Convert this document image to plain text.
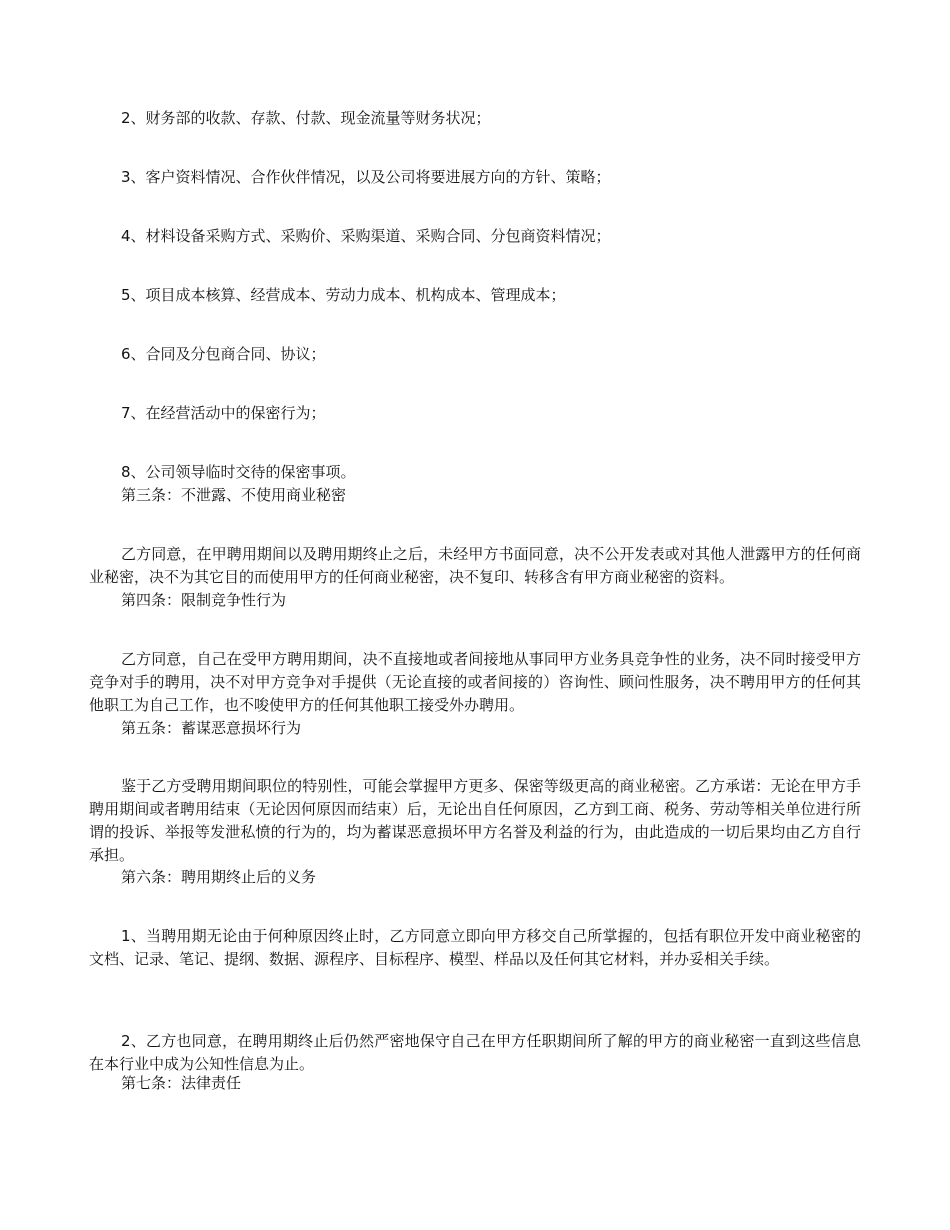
2、财务部的收款、存款、付款、现金流量等财务状况；
3、客户资料情况、合作伙伴情况，以及公司将要进展方向的方针、策略；
4、材料设备采购方式、采购价、采购渠道、采购合同、分包商资料情况；
5、项目成本核算、经营成本、劳动力成本、机构成本、管理成本；
6、合同及分包商合同、协议；
7、在经营活动中的保密行为；
8、公司领导临时交待的保密事项。
第三条：不泄露、不使用商业秘密
乙方同意，在甲聘用期间以及聘用期终止之后，未经甲方书面同意，决不公开发表或对其他人泄露甲方的任何商业秘密，决不为其它目的而使用甲方的任何商业秘密，决不复印、转移含有甲方商业秘密的资料。
第四条：限制竞争性行为
乙方同意，自己在受甲方聘用期间，决不直接地或者间接地从事同甲方业务具竞争性的业务，决不同时接受甲方竞争对手的聘用，决不对甲方竞争对手提供（无论直接的或者间接的）咨询性、顾问性服务，决不聘用甲方的任何其他职工为自己工作，也不唆使甲方的任何其他职工接受外办聘用。
第五条：蓄谋恶意损坏行为
鉴于乙方受聘用期间职位的特别性，可能会掌握甲方更多、保密等级更高的商业秘密。乙方承诺：无论在甲方手聘用期间或者聘用结束（无论因何原因而结束）后，无论出自任何原因，乙方到工商、税务、劳动等相关单位进行所谓的投诉、举报等发泄私愤的行为的，均为蓄谋恶意损坏甲方名誉及利益的行为，由此造成的一切后果均由乙方自行承担。
第六条：聘用期终止后的义务
1、当聘用期无论由于何种原因终止时，乙方同意立即向甲方移交自己所掌握的，包括有职位开发中商业秘密的文档、记录、笔记、提纲、数据、源程序、目标程序、模型、样品以及任何其它材料，并办妥相关手续。
2、乙方也同意，在聘用期终止后仍然严密地保守自己在甲方任职期间所了解的甲方的商业秘密一直到这些信息在本行业中成为公知性信息为止。
第七条：法律责任
